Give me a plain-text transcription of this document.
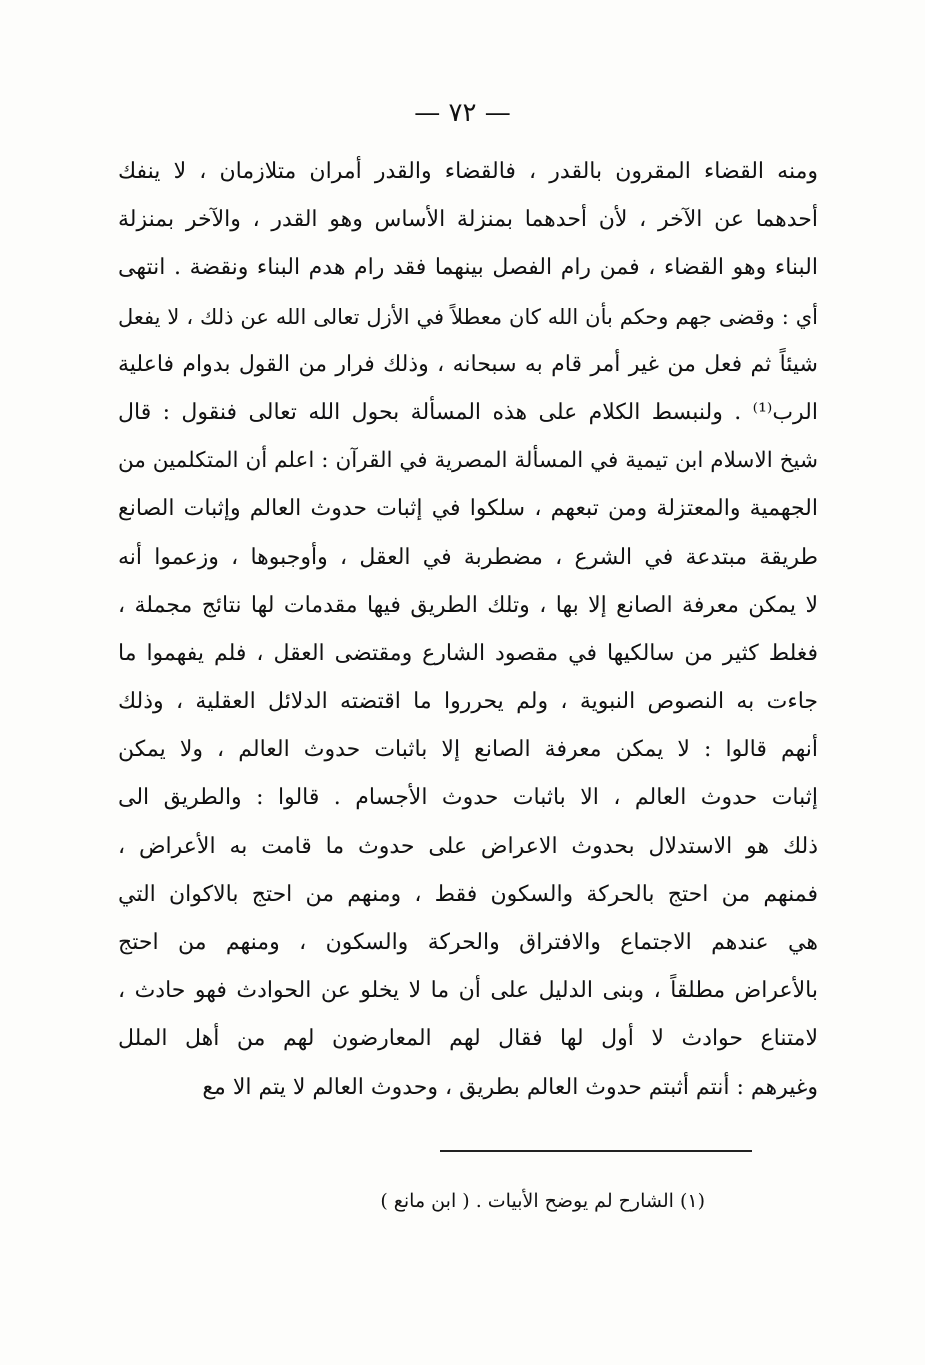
— ٧٢ —
ومنه القضاء المقرون بالقدر ، فالقضاء والقدر أمران متلازمان ، لا ينفك
أحدهما عن الآخر ، لأن أحدهما بمنزلة الأساس وهو القدر ، والآخر بمنزلة
البناء وهو القضاء ، فمن رام الفصل بينهما فقد رام هدم البناء ونقضة . انتهى
أي : وقضى جهم وحكم بأن الله كان معطلاً في الأزل تعالى الله عن ذلك ، لا يفعل
شيئاً ثم فعل من غير أمر قام به سبحانه ، وذلك فرار من القول بدوام فاعلية
الرب⁽¹⁾ . ولنبسط الكلام على هذه المسألة بحول الله تعالى فنقول : قال
شيخ الاسلام ابن تيمية في المسألة المصرية في القرآن : اعلم أن المتكلمين من
الجهمية والمعتزلة ومن تبعهم ، سلكوا في إثبات حدوث العالم وإثبات الصانع
طريقة مبتدعة في الشرع ، مضطربة في العقل ، وأوجبوها ، وزعموا أنه
لا يمكن معرفة الصانع إلا بها ، وتلك الطريق فيها مقدمات لها نتائج مجملة ،
فغلط كثير من سالكيها في مقصود الشارع ومقتضى العقل ، فلم يفهموا ما
جاءت به النصوص النبوية ، ولم يحرروا ما اقتضته الدلائل العقلية ، وذلك
أنهم قالوا : لا يمكن معرفة الصانع إلا باثبات حدوث العالم ، ولا يمكن
إثبات حدوث العالم ، الا باثبات حدوث الأجسام . قالوا : والطريق الى
ذلك هو الاستدلال بحدوث الاعراض على حدوث ما قامت به الأعراض ،
فمنهم من احتج بالحركة والسكون فقط ، ومنهم من احتج بالاكوان التي
هي عندهم الاجتماع والافتراق والحركة والسكون ، ومنهم من احتج
بالأعراض مطلقاً ، وبنى الدليل على أن ما لا يخلو عن الحوادث فهو حادث ،
لامتناع حوادث لا أول لها فقال لهم المعارضون لهم من أهل الملل
وغيرهم : أنتم أثبتم حدوث العالم بطريق ، وحدوث العالم لا يتم الا مع
(١) الشارح لم يوضح الأبيات . ( ابن مانع )
